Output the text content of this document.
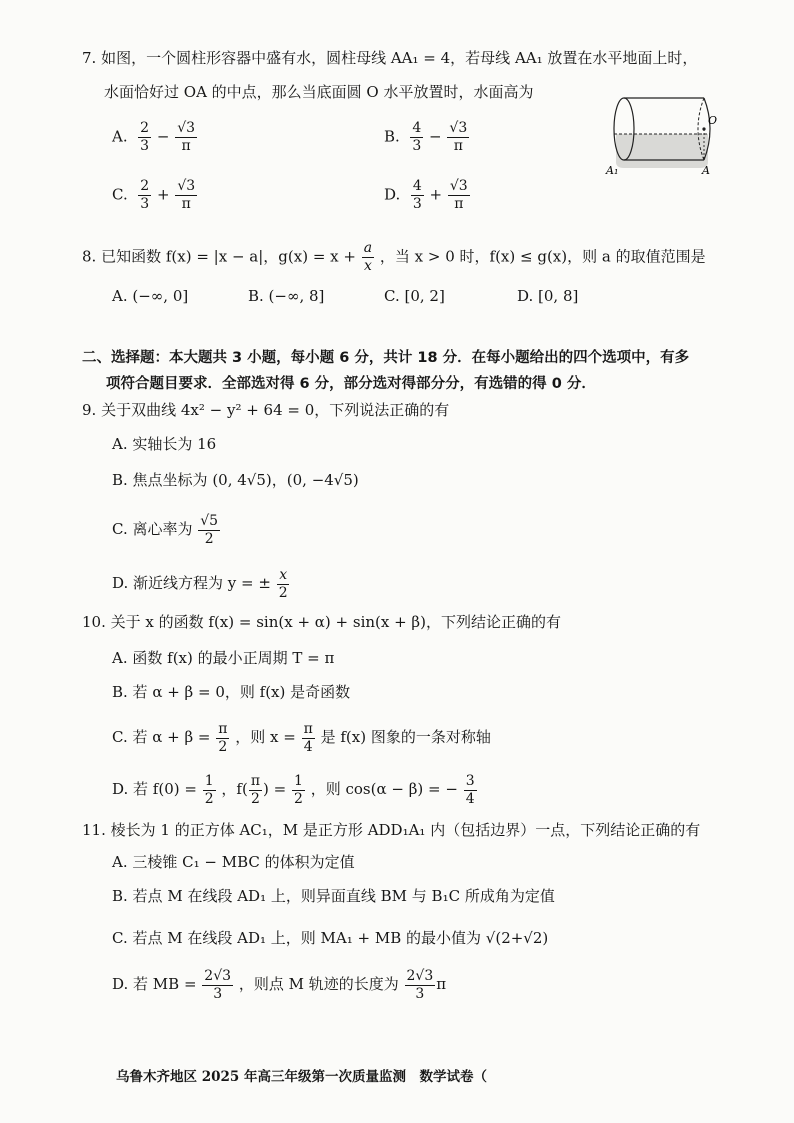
7. 如图，一个圆柱形容器中盛有水，圆柱母线 AA₁ = 4，若母线 AA₁ 放置在水平地面上时，
水面恰好过 OA 的中点，那么当底面圆 O 水平放置时，水面高为
A. $\frac{2}{3} - \frac{√3}{\pi}$	B. $\frac{4}{3} - \frac{√3}{\pi}$
C. $\frac{2}{3} + \frac{√3}{\pi}$	D. $\frac{4}{3} + \frac{√3}{\pi}$
O
A₁	A
8. 已知函数 f(x) = |x − a|，$g(x) = x + \frac{a}{x}$ ，当 x > 0 时，f(x) ≤ g(x)，则 a 的取值范围是
A. (−∞, 0]	B. (−∞, 8]	C. [0, 2]	D. [0, 8]
二、选择题：本大题共 3 小题，每小题 6 分，共计 18 分．在每小题给出的四个选项中，有多
项符合题目要求．全部选对得 6 分，部分选对得部分分，有选错的得 0 分．
9. 关于双曲线 4x² − y² + 64 = 0，下列说法正确的有
A. 实轴长为 16
B. 焦点坐标为 (0, 4√5)，(0, −4√5)
C. 离心率为 $\frac{√5}{2}$
D. 渐近线方程为 y = ± $\frac{x}{2}$
10. 关于 x 的函数 f(x) = sin(x + α) + sin(x + β)，下列结论正确的有
A. 函数 f(x) 的最小正周期 T = π
B. 若 α + β = 0，则 f(x) 是奇函数
C. 若 $\alpha + \beta = \frac{\pi}{2}$ ，则 $x = \frac{\pi}{4}$ 是 f(x) 图象的一条对称轴
D. 若 $f(0) = \frac{1}{2}$ ，$f( \frac{\pi}{2}$ ) = $\frac{1}{2}$ ，则 cos(α − β) = − $\frac{3}{4}$
11. 棱长为 1 的正方体 AC₁，M 是正方形 ADD₁A₁ 内（包括边界）一点，下列结论正确的有
A. 三棱锥 C₁ − MBC 的体积为定值
B. 若点 M 在线段 AD₁ 上，则异面直线 BM 与 B₁C 所成角为定值
C. 若点 M 在线段 AD₁ 上，则 MA₁ + MB 的最小值为 √(2+√2)
D. 若 MB = $\frac{2√3}{3}$ ，则点 M 轨迹的长度为 $\frac{2√3}{3}$ π
乌鲁木齐地区 2025 年高三年级第一次质量监测　数学试卷（
